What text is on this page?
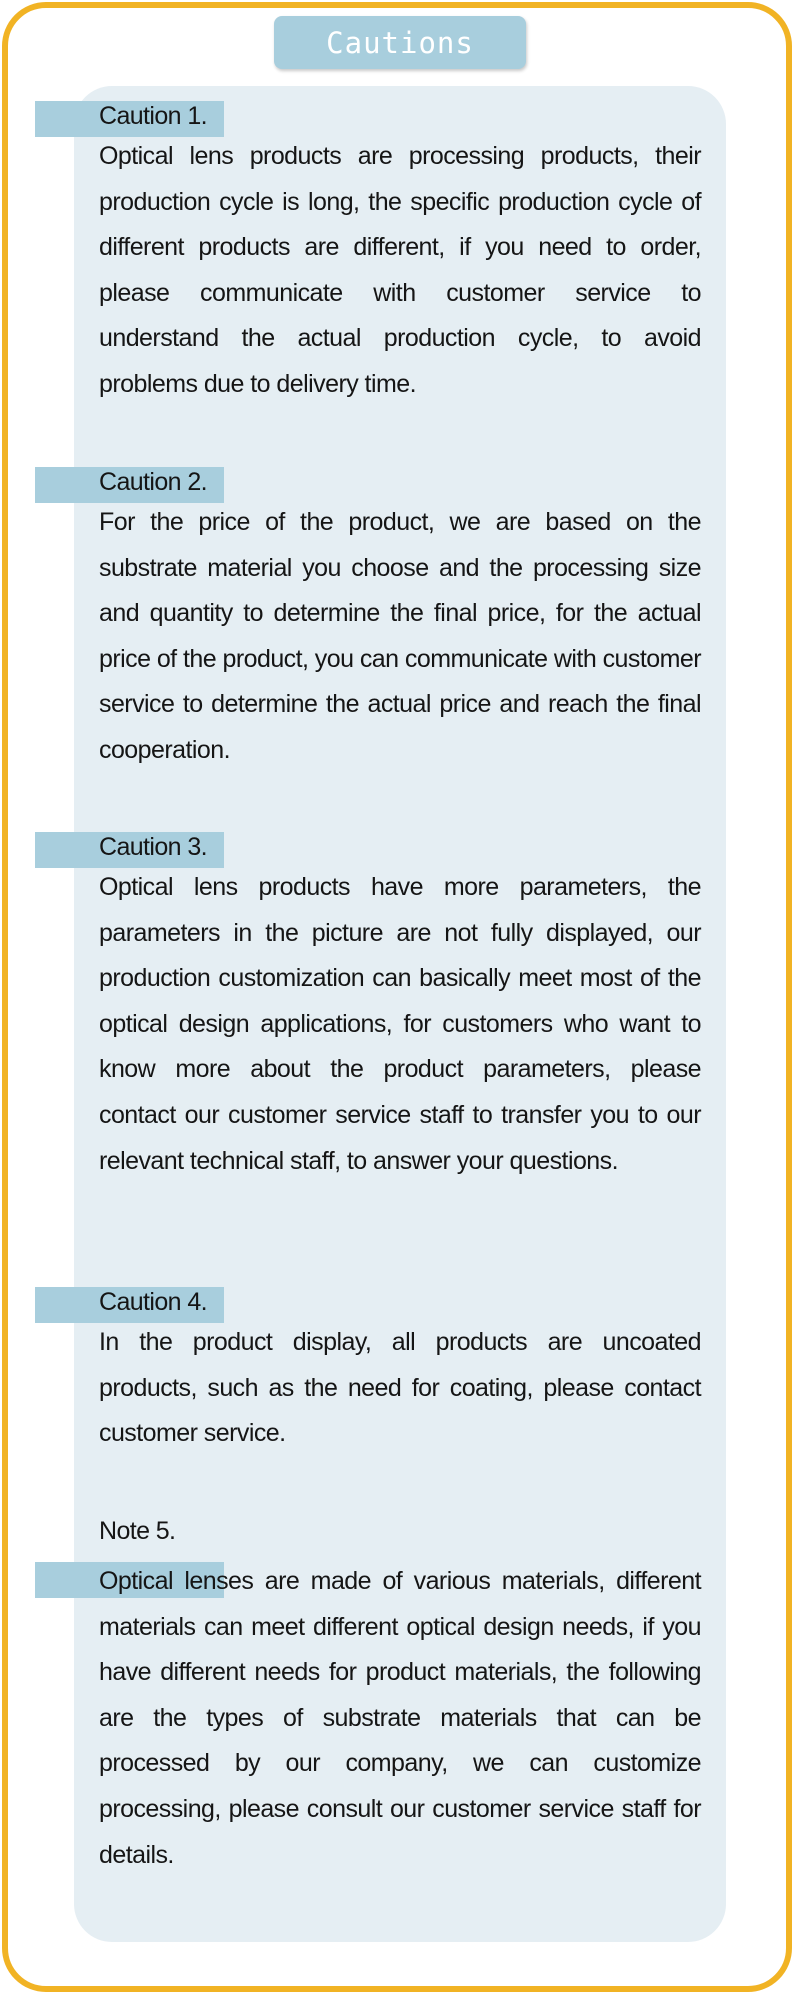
Cautions
Caution 1.

Optical lens products are processing products, their production cycle is long, the specific production cycle of different products are different, if you need to order, please communicate with customer service to understand the actual production cycle, to avoid problems due to delivery time.

Caution 2.

For the price of the product, we are based on the substrate material you choose and the processing size and quantity to determine the final price, for the actual price of the product, you can communicate with customer service to determine the actual price and reach the final cooperation.

Caution 3.

Optical lens products have more parameters, the parameters in the picture are not fully displayed, our production customization can basically meet most of the optical design applications, for customers who want to know more about the product parameters, please contact our customer service staff to transfer you to our relevant technical staff, to answer your questions.

Caution 4.

In the product display, all products are uncoated products, such as the need for coating, please contact customer service.

Note 5.

Optical lenses are made of various materials, different materials can meet different optical design needs, if you have different needs for product materials, the following are the types of substrate materials that can be processed by our company, we can customize processing, please consult our customer service staff for details.
